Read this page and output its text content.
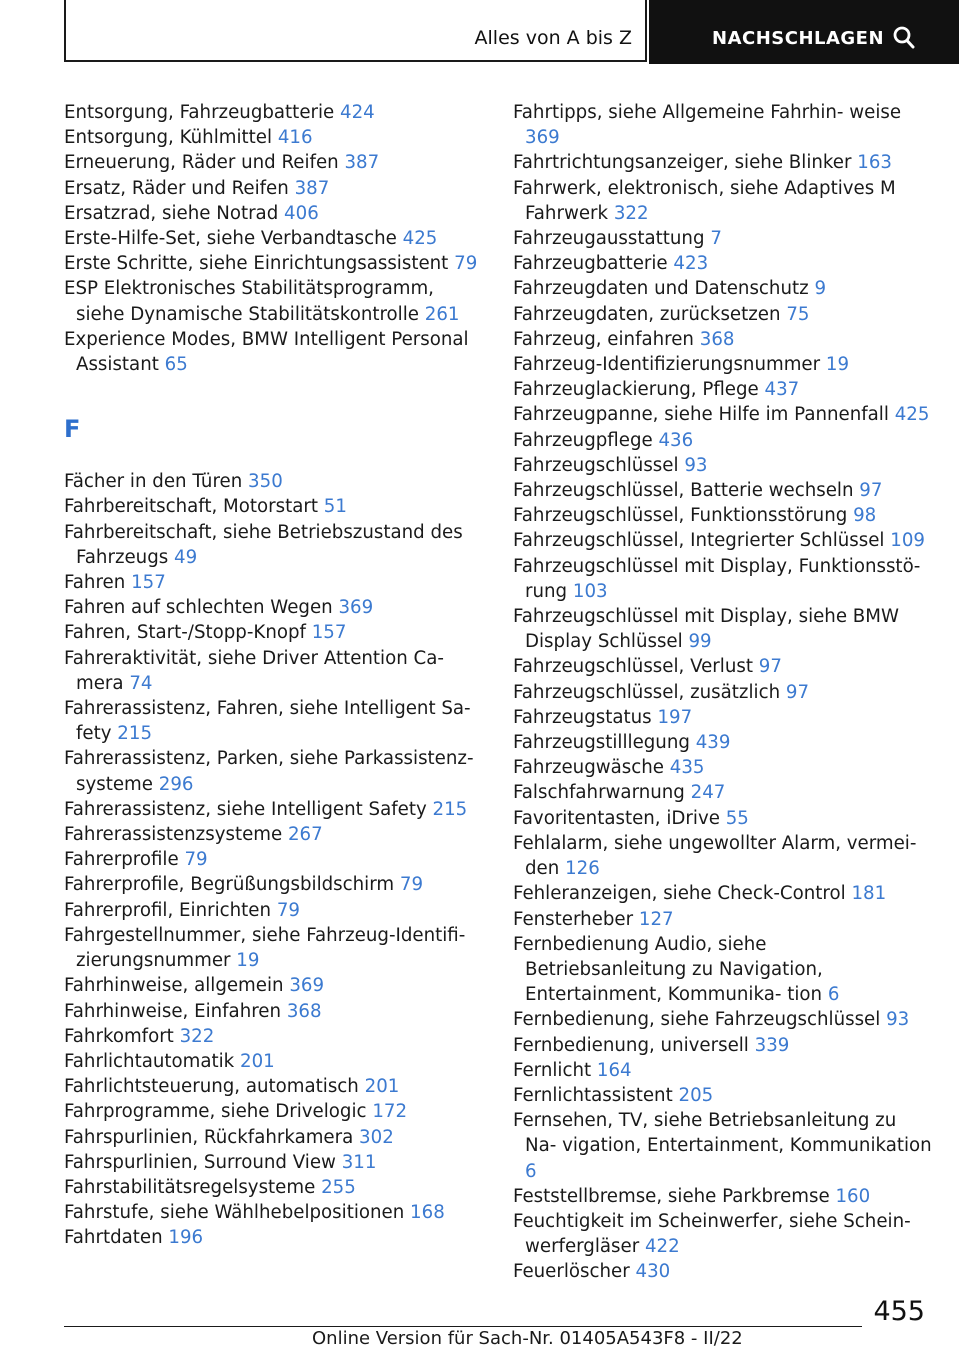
Alles von A bis Z	NACHSCHLAGEN

Entsorgung, Fahrzeugbatterie 424

Entsorgung, Kühlmittel 416

Erneuerung, Räder und Reifen 387

Ersatz, Räder und Reifen 387

Ersatzrad, siehe Notrad 406

Erste-Hilfe-Set, siehe Verbandtasche 425

Erste Schritte, siehe Einrichtungsassistent 79

ESP Elektronisches Stabilitätsprogramm, siehe Dynamische Stabilitätskontrolle 261

Experience Modes, BMW Intelligent Personal Assistant 65

F

Fächer in den Türen 350

Fahrbereitschaft, Motorstart 51

Fahrbereitschaft, siehe Betriebszustand des Fahrzeugs 49

Fahren 157

Fahren auf schlechten Wegen 369

Fahren, Start-/Stopp-Knopf 157

Fahreraktivität, siehe Driver Attention Ca‐ mera 74

Fahrerassistenz, Fahren, siehe Intelligent Sa‐ fety 215

Fahrerassistenz, Parken, siehe Parkassistenz‐ systeme 296

Fahrerassistenz, siehe Intelligent Safety 215

Fahrerassistenzsysteme 267

Fahrerprofile 79

Fahrerprofile, Begrüßungsbildschirm 79

Fahrerprofil, Einrichten 79

Fahrgestellnummer, siehe Fahrzeug-Identifi‐ zierungsnummer 19

Fahrhinweise, allgemein 369

Fahrhinweise, Einfahren 368

Fahrkomfort 322

Fahrlichtautomatik 201

Fahrlichtsteuerung, automatisch 201

Fahrprogramme, siehe Drivelogic 172

Fahrspurlinien, Rückfahrkamera 302

Fahrspurlinien, Surround View 311

Fahrstabilitätsregelsysteme 255

Fahrstufe, siehe Wählhebelpositionen 168

Fahrtdaten 196

Fahrtipps, siehe Allgemeine Fahrhin‐ weise 369

Fahrtrichtungsanzeiger, siehe Blinker 163

Fahrwerk, elektronisch, siehe Adaptives M Fahrwerk 322

Fahrzeugausstattung 7

Fahrzeugbatterie 423

Fahrzeugdaten und Datenschutz 9

Fahrzeugdaten, zurücksetzen 75

Fahrzeug, einfahren 368

Fahrzeug-Identifizierungsnummer 19

Fahrzeuglackierung, Pflege 437

Fahrzeugpanne, siehe Hilfe im Pannenfall 425

Fahrzeugpflege 436

Fahrzeugschlüssel 93

Fahrzeugschlüssel, Batterie wechseln 97

Fahrzeugschlüssel, Funktionsstörung 98

Fahrzeugschlüssel, Integrierter Schlüssel 109

Fahrzeugschlüssel mit Display, Funktionsstö‐ rung 103

Fahrzeugschlüssel mit Display, siehe BMW Display Schlüssel 99

Fahrzeugschlüssel, Verlust 97

Fahrzeugschlüssel, zusätzlich 97

Fahrzeugstatus 197

Fahrzeugstilllegung 439

Fahrzeugwäsche 435

Falschfahrwarnung 247

Favoritentasten, iDrive 55

Fehlalarm, siehe ungewollter Alarm, vermei‐ den 126

Fehleranzeigen, siehe Check-Control 181

Fensterheber 127

Fernbedienung Audio, siehe Betriebsanleitung zu Navigation, Entertainment, Kommunika‐ tion 6

Fernbedienung, siehe Fahrzeugschlüssel 93

Fernbedienung, universell 339

Fernlicht 164

Fernlichtassistent 205

Fernsehen, TV, siehe Betriebsanleitung zu Na‐ vigation, Entertainment, Kommunikation 6

Feststellbremse, siehe Parkbremse 160

Feuchtigkeit im Scheinwerfer, siehe Schein‐ werfergläser 422

Feuerlöscher 430

455
Online Version für Sach-Nr. 01405A543F8 - II/22
